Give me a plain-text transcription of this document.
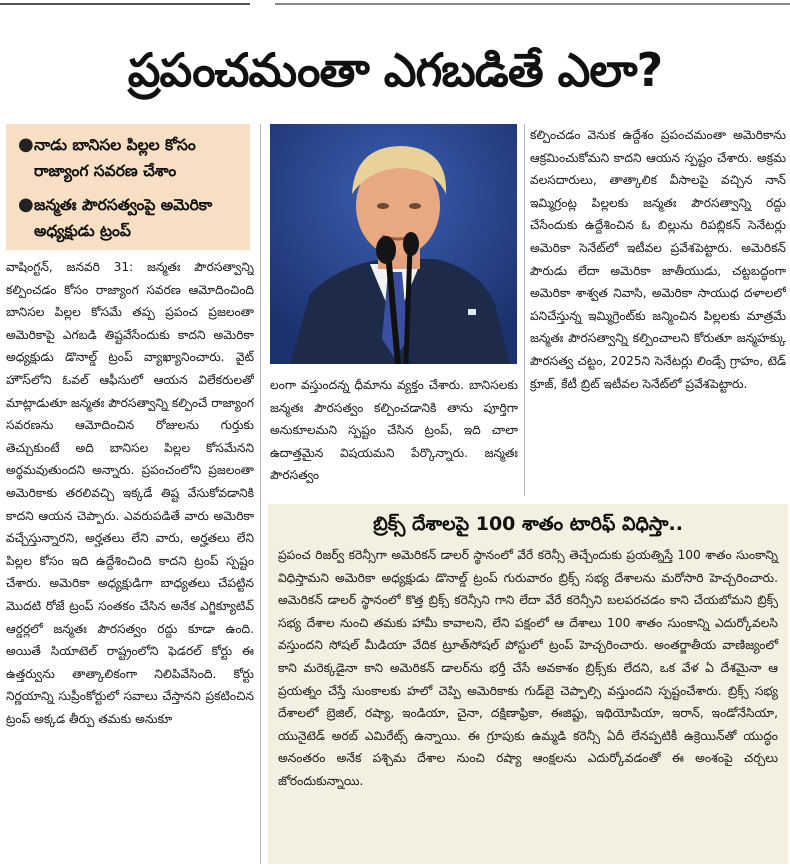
ప్రపంచమంతా ఎగబడితే ఎలా?
● నాడు బానిసల పిల్లల కోసం రాజ్యాంగ సవరణ చేశాం
● జన్మతః పౌరసత్వంపై అమెరికా అధ్యక్షుడు ట్రంప్

వాషింగ్టన్, జనవరి 31: జన్మతః పౌరసత్వాన్ని కల్పించడం కోసం రాజ్యాంగ సవరణ ఆమోదించింది బానిసల పిల్లల కోసమే తప్ప ప్రపంచ ప్రజలంతా అమెరికాపై ఎగబడి తిష్టవేసేందుకు కాదని అమెరికా అధ్యక్షుడు డొనాల్డ్ ట్రంప్ వ్యాఖ్యానించారు. వైట్ హౌస్‌లోని ఓవల్ ఆఫీసులో ఆయన విలేకరులతో మాట్లాడుతూ జన్మతః పౌరసత్వాన్ని కల్పించే రాజ్యాంగ సవరణను ఆమోదించిన రోజులను గుర్తుకు తెచ్చుకుంటే అది బానిసల పిల్లల కోసమేనని అర్థమవుతుందని అన్నారు. ప్రపంచంలోని ప్రజలంతా అమెరికాకు తరలివచ్చి ఇక్కడే తిష్ట వేసుకోవడానికి కాదని ఆయన చెప్పారు. ఎవరుపడితే వారు అమెరికా వచ్చేస్తున్నారని, అర్హతలు లేని వారు, అర్హతలు లేని పిల్లల కోసం ఇది ఉద్దేశించింది కాదని ట్రంప్ స్పష్టం చేశారు. అమెరికా అధ్యక్షుడిగా బాధ్యతలు చేపట్టిన మొదటి రోజే ట్రంప్ సంతకం చేసిన అనేక ఎగ్జిక్యూటివ్ ఆర్డర్లలో జన్మతః పౌరసత్వం రద్దు కూడా ఉంది. అయితే సియాటెల్ రాష్ట్రంలోని ఫెడరల్ కోర్టు ఈ ఉత్తర్వును తాత్కాలికంగా నిలిపివేసింది. కోర్టు నిర్ణయాన్ని సుప్రీంకోర్టులో సవాలు చేస్తానని ప్రకటించిన ట్రంప్ అక్కడ తీర్పు తమకు అనుకూ

లంగా వస్తుందన్న ధీమాను వ్యక్తం చేశారు. బానిసలకు జన్మతః పౌరసత్వం కల్పించడానికి తాను పూర్తిగా అనుకూలమని స్పష్టం చేసిన ట్రంప్, ఇది చాలా ఉదాత్తమైన విషయమని పేర్కొన్నారు. జన్మతః పౌరసత్వం

కల్పించడం వెనుక ఉద్దేశం ప్రపంచమంతా అమెరికాను ఆక్రమించుకోమని కాదని ఆయన స్పష్టం చేశారు. అక్రమ వలసదారులు, తాత్కాలిక వీసాలపై వచ్చిన నాన్ ఇమ్మిగ్రంట్ల పిల్లలకు జన్మతః పౌరసత్వాన్ని రద్దు చేసేందుకు ఉద్దేశించిన ఓ బిల్లును రిపబ్లికన్ సెనేటర్లు అమెరికా సెనేట్‌లో ఇటీవల ప్రవేశపెట్టారు. అమెరికన్ పౌరుడు లేదా అమెరికా జాతీయుడు, చట్టబద్ధంగా అమెరికా శాశ్వత నివాసి, అమెరికా సాయుధ దళాలలో పనిచేస్తున్న ఇమ్మిగ్రెంట్‌కు జన్మించిన పిల్లలకు మాత్రమే జన్మతః పౌరసత్వాన్ని కల్పించాలని కోరుతూ జన్మహక్కు పౌరసత్వ చట్టం, 2025ని సెనేటర్లు లిండ్సే గ్రాహం, టెడ్ క్రూజ్, కేటీ బ్రిట్ ఇటీవల సెనేట్‌లో ప్రవేశపెట్టారు.

బ్రిక్స్ దేశాలపై 100 శాతం టారిఫ్ విధిస్తా..

ప్రపంచ రిజర్వ్ కరెన్సీగా అమెరికన్ డాలర్ స్థానంలో వేరే కరెన్సీ తెచ్చేందుకు ప్రయత్నిస్తే 100 శాతం సుంకాన్ని విధిస్తామని అమెరికా అధ్యక్షుడు డొనాల్డ్ ట్రంప్ గురువారం బ్రిక్స్ సభ్య దేశాలను మరోసారి హెచ్చరించారు. అమెరికన్ డాలర్ స్థానంలో కొత్త బ్రిక్స్ కరెన్సీని గాని లేదా వేరే కరెన్సీని బలపరచడం కాని చేయబోమని బ్రిక్స్ సభ్య దేశాల నుంచి తమకు హామీ కావాలని, లేని పక్షంలో ఆ దేశాలు 100 శాతం సుంకాన్ని ఎదుర్కోవలసి వస్తుందని సోషల్ మీడియా వేదిక ట్రూత్‌సోషల్ పోస్టులో ట్రంప్ హెచ్చరించారు. అంతర్జాతీయ వాణిజ్యంలో కాని మరెక్కడైనా కాని అమెరికన్ డాలర్‌ను భర్తీ చేసే అవకాశం బ్రిక్స్‌కు లేదని, ఒక వేళ ఏ దేశమైనా ఆ ప్రయత్నం చేస్తే సుంకాలకు హలో చెప్పి అమెరికాకు గుడ్‌బై చెప్పాల్సి వస్తుందని స్పష్టంచేశారు. బ్రిక్స్ సభ్య దేశాలలో బ్రెజిల్, రష్యా, ఇండియా, చైనా, దక్షిణాఫ్రికా, ఈజిప్టు, ఇథియోపియా, ఇరాన్, ఇండోనేసియా, యునైటెడ్ అరబ్ ఎమిరేట్స్ ఉన్నాయి. ఈ గ్రూపుకు ఉమ్మడి కరెన్సీ ఏదీ లేనప్పటికీ ఉక్రెయిన్‌తో యుద్ధం అనంతరం అనేక పశ్చిమ దేశాల నుంచి రష్యా ఆంక్షలను ఎదుర్కోవడంతో ఈ అంశంపై చర్చలు జోరందుకున్నాయి.
